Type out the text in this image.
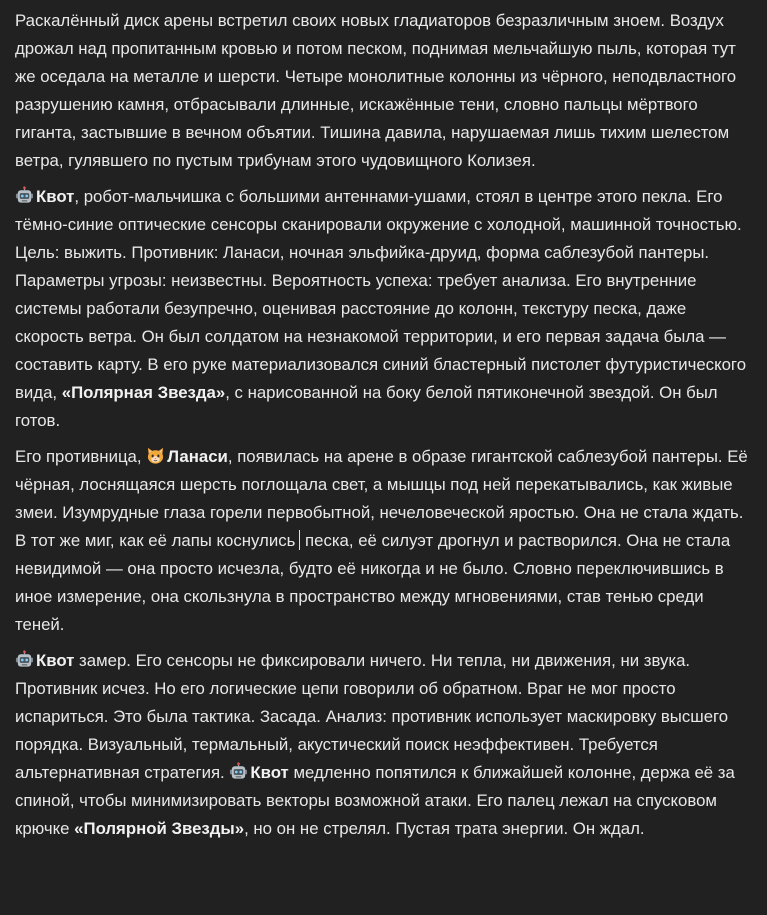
Раскалённый диск арены встретил своих новых гладиаторов безразличным зноем. Воздух дрожал над пропитанным кровью и потом песком, поднимая мельчайшую пыль, которая тут же оседала на металле и шерсти. Четыре монолитные колонны из чёрного, неподвластного разрушению камня, отбрасывали длинные, искажённые тени, словно пальцы мёртвого гиганта, застывшие в вечном объятии. Тишина давила, нарушаемая лишь тихим шелестом ветра, гулявшего по пустым трибунам этого чудовищного Колизея.

Квот, робот-мальчишка с большими антеннами-ушами, стоял в центре этого пекла. Его тёмно-синие оптические сенсоры сканировали окружение с холодной, машинной точностью. Цель: выжить. Противник: Ланаси, ночная эльфийка-друид, форма саблезубой пантеры. Параметры угрозы: неизвестны. Вероятность успеха: требует анализа. Его внутренние системы работали безупречно, оценивая расстояние до колонн, текстуру песка, даже скорость ветра. Он был солдатом на незнакомой территории, и его первая задача была — составить карту. В его руке материализовался синий бластерный пистолет футуристического вида, «Полярная Звезда», с нарисованной на боку белой пятиконечной звездой. Он был готов.

Его противница, Ланаси, появилась на арене в образе гигантской саблезубой пантеры. Её чёрная, лоснящаяся шерсть поглощала свет, а мышцы под ней перекатывались, как живые змеи. Изумрудные глаза горели первобытной, нечеловеческой яростью. Она не стала ждать. В тот же миг, как её лапы коснулись песка, её силуэт дрогнул и растворился. Она не стала невидимой — она просто исчезла, будто её никогда и не было. Словно переключившись в иное измерение, она скользнула в пространство между мгновениями, став тенью среди теней.

Квот замер. Его сенсоры не фиксировали ничего. Ни тепла, ни движения, ни звука. Противник исчез. Но его логические цепи говорили об обратном. Враг не мог просто испариться. Это была тактика. Засада. Анализ: противник использует маскировку высшего порядка. Визуальный, термальный, акустический поиск неэффективен. Требуется альтернативная стратегия. Квот медленно попятился к ближайшей колонне, держа её за спиной, чтобы минимизировать векторы возможной атаки. Его палец лежал на спусковом крючке «Полярной Звезды», но он не стрелял. Пустая трата энергии. Он ждал.
